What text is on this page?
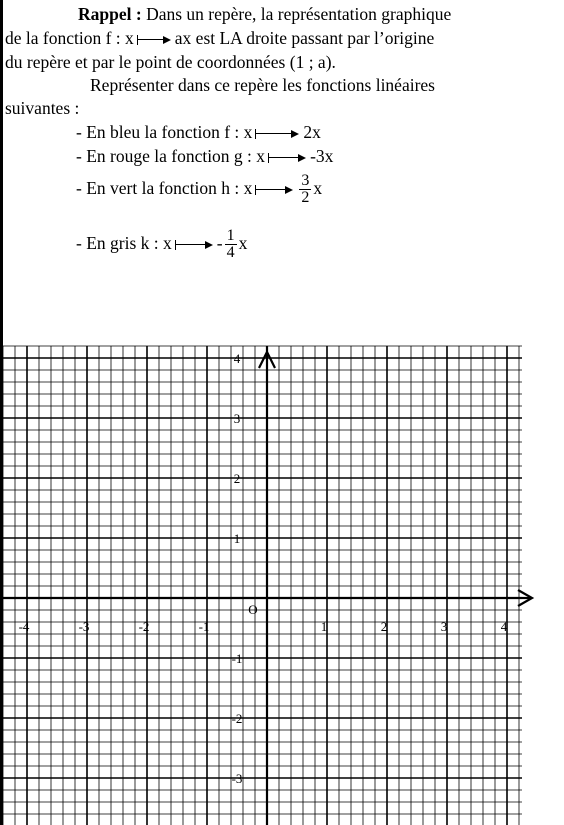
Rappel : Dans un repère, la représentation graphique
de la fonction f : x ax est LA droite passant par l’origine
du repère et par le point de coordonnées (1 ; a).
Représenter dans ce repère les fonctions linéaires
suivantes :
- En bleu la fonction f : x	2x
- En rouge la fonction g : x	-3x
- En vert la fonction h : x	$\frac{3}{2}$ x
- En gris k : x	- $\frac{1}{4}$ x
-4	-3	-2	-1	1	2	3	4
4
3
2
1
-1
-2
-3
O
